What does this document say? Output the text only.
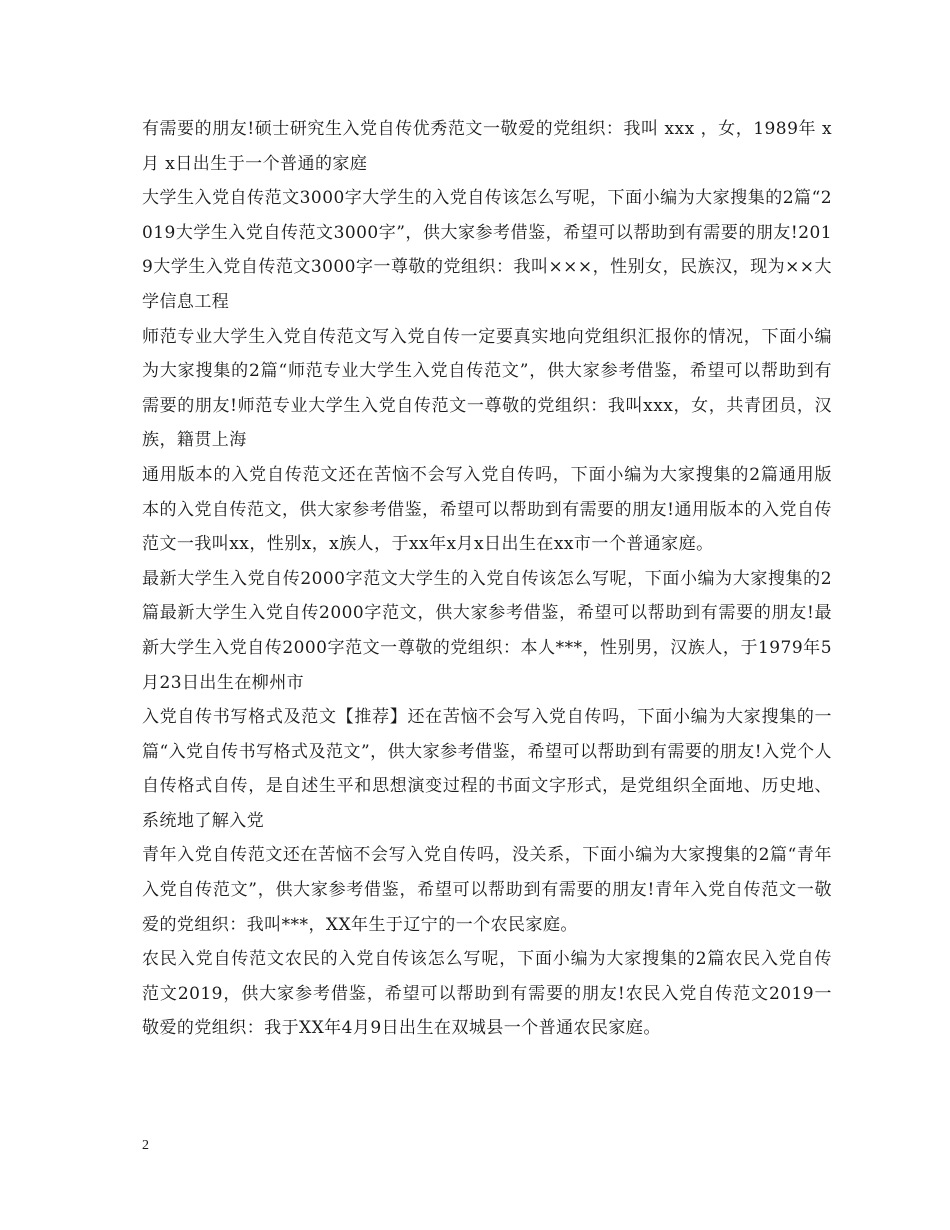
有需要的朋友!硕士研究生入党自传优秀范文一敬爱的党组织：我叫 xxx ，女，1989年 x月 x日出生于一个普通的家庭

大学生入党自传范文3000字大学生的入党自传该怎么写呢，下面小编为大家搜集的2篇“2019大学生入党自传范文3000字”，供大家参考借鉴，希望可以帮助到有需要的朋友!2019大学生入党自传范文3000字一尊敬的党组织：我叫×××，性别女，民族汉，现为××大学信息工程

师范专业大学生入党自传范文写入党自传一定要真实地向党组织汇报你的情况，下面小编为大家搜集的2篇“师范专业大学生入党自传范文”，供大家参考借鉴，希望可以帮助到有需要的朋友!师范专业大学生入党自传范文一尊敬的党组织：我叫xxx，女，共青团员，汉族，籍贯上海

通用版本的入党自传范文还在苦恼不会写入党自传吗，下面小编为大家搜集的2篇通用版本的入党自传范文，供大家参考借鉴，希望可以帮助到有需要的朋友!通用版本的入党自传范文一我叫xx，性别x，x族人，于xx年x月x日出生在xx市一个普通家庭。

最新大学生入党自传2000字范文大学生的入党自传该怎么写呢，下面小编为大家搜集的2篇最新大学生入党自传2000字范文，供大家参考借鉴，希望可以帮助到有需要的朋友!最新大学生入党自传2000字范文一尊敬的党组织：本人***，性别男，汉族人，于1979年5月23日出生在柳州市

入党自传书写格式及范文【推荐】还在苦恼不会写入党自传吗，下面小编为大家搜集的一篇“入党自传书写格式及范文”，供大家参考借鉴，希望可以帮助到有需要的朋友!入党个人自传格式自传，是自述生平和思想演变过程的书面文字形式，是党组织全面地、历史地、系统地了解入党

青年入党自传范文还在苦恼不会写入党自传吗，没关系，下面小编为大家搜集的2篇“青年入党自传范文”，供大家参考借鉴，希望可以帮助到有需要的朋友!青年入党自传范文一敬爱的党组织：我叫***，XX年生于辽宁的一个农民家庭。

农民入党自传范文农民的入党自传该怎么写呢，下面小编为大家搜集的2篇农民入党自传范文2019，供大家参考借鉴，希望可以帮助到有需要的朋友!农民入党自传范文2019一敬爱的党组织：我于XX年4月9日出生在双城县一个普通农民家庭。

2
